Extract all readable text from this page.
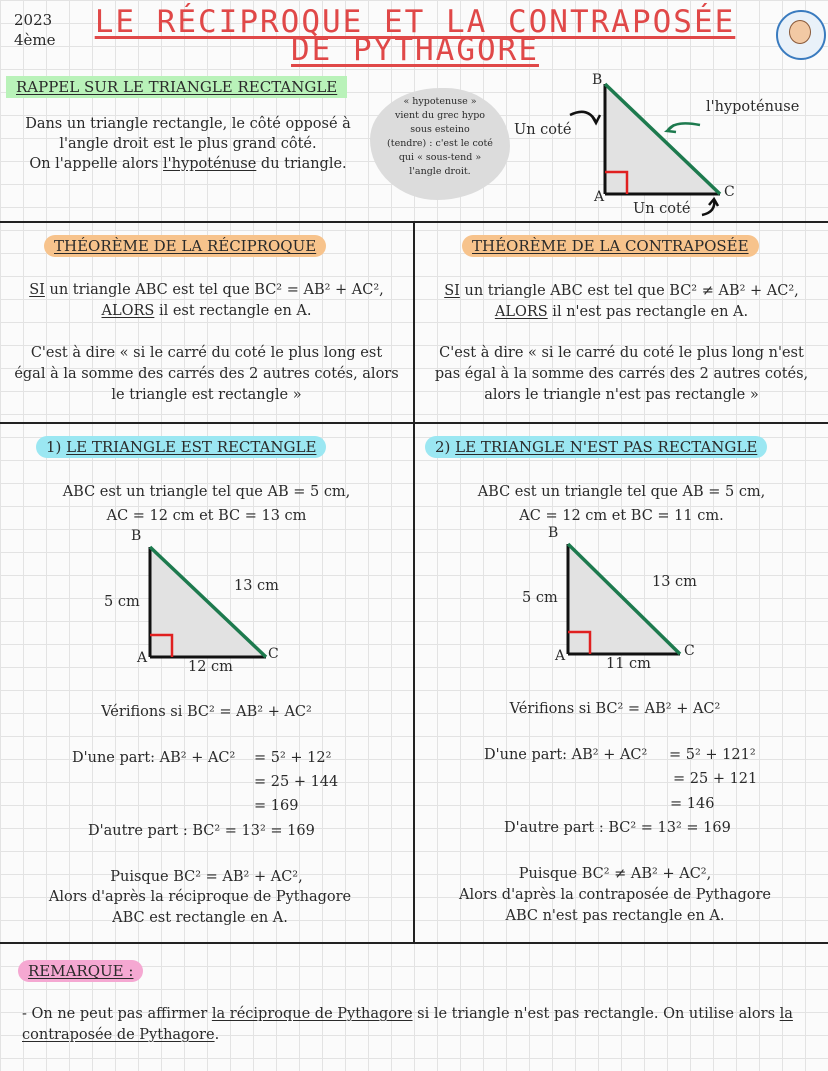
2023
4ème	LE RÉCIPROQUE ET LA CONTRAPOSÉE
DE PYTHAGORE
RAPPEL SUR LE TRIANGLE RECTANGLE
Dans un triangle rectangle, le côté opposé à
l'angle droit est le plus grand côté.
On l'appelle alors l'hypoténuse du triangle.
« hypotenuse »
vient du grec hypo
sous esteino
(tendre) : c'est le coté
qui « sous-tend »
l'angle droit.
B
A	C
l'hypoténuse
Un coté
Un coté
THÉORÈME DE LA RÉCIPROQUE
SI un triangle ABC est tel que BC² = AB² + AC²,
ALORS il est rectangle en A.
C'est à dire « si le carré du coté le plus long est
égal à la somme des carrés des 2 autres cotés, alors
le triangle est rectangle »
THÉORÈME DE LA CONTRAPOSÉE
SI un triangle ABC est tel que BC² ≠ AB² + AC²,
ALORS il n'est pas rectangle en A.
C'est à dire « si le carré du coté le plus long n'est
pas égal à la somme des carrés des 2 autres cotés,
alors le triangle n'est pas rectangle »
1) LE TRIANGLE EST RECTANGLE
ABC est un triangle tel que AB = 5 cm,
AC = 12 cm et BC = 13 cm
B
A	C
5 cm
13 cm
12 cm
Vérifions si BC² = AB² + AC²
D'une part: AB² + AC² = 5² + 12²
= 25 + 144
= 169
D'autre part : BC² = 13² = 169
Puisque BC² = AB² + AC²,
Alors d'après la réciproque de Pythagore
ABC est rectangle en A.
2) LE TRIANGLE N'EST PAS RECTANGLE
ABC est un triangle tel que AB = 5 cm,
AC = 12 cm et BC = 11 cm.
B
A	C
5 cm
13 cm
11 cm
Vérifions si BC² = AB² + AC²
D'une part: AB² + AC² = 5² + 121²
= 25 + 121
= 146
D'autre part : BC² = 13² = 169
Puisque BC² ≠ AB² + AC²,
Alors d'après la contraposée de Pythagore
ABC n'est pas rectangle en A.
REMARQUE :
- On ne peut pas affirmer la réciproque de Pythagore si le triangle n'est pas rectangle. On utilise alors la contraposée de Pythagore.
